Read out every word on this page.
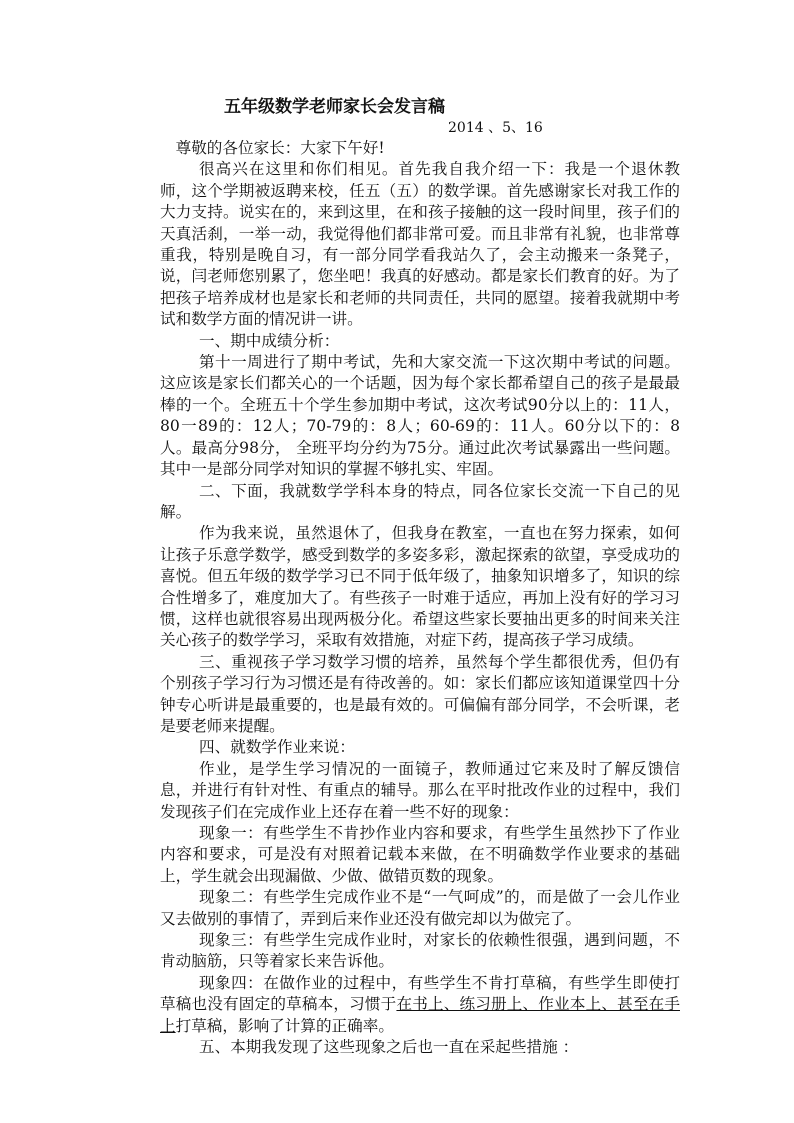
五年级数学老师家长会发言稿
2014 、5、16

尊敬的各位家长：大家下午好!

很高兴在这里和你们相见。首先我自我介绍一下：我是一个退休教师，这个学期被返聘来校，任五（五）的数学课。首先感谢家长对我工作的大力支持。说实在的，来到这里，在和孩子接触的这一段时间里，孩子们的天真活刹，一举一动，我觉得他们都非常可爱。而且非常有礼貌，也非常尊重我，特别是晚自习，有一部分同学看我站久了，会主动搬来一条凳子，说，闫老师您别累了，您坐吧！我真的好感动。都是家长们教育的好。为了把孩子培养成材也是家长和老师的共同责任，共同的愿望。接着我就期中考试和数学方面的情况讲一讲。

一、期中成绩分析：

第十一周进行了期中考试，先和大家交流一下这次期中考试的问题。这应该是家长们都关心的一个话题，因为每个家长都希望自己的孩子是最最棒的一个。全班五十个学生参加期中考试，这次考试90分以上的：11人，80一89的：12人；70-79的：8人；60-69的：11人。60分以下的：8人。最高分98分， 全班平均分约为75分。通过此次考试暴露出一些问题。其中一是部分同学对知识的掌握不够扎实、牢固。

二、下面，我就数学学科本身的特点，同各位家长交流一下自己的见解。

作为我来说，虽然退休了，但我身在教室，一直也在努力探索，如何让孩子乐意学数学，感受到数学的多姿多彩，激起探索的欲望，享受成功的喜悦。但五年级的数学学习已不同于低年级了，抽象知识增多了，知识的综合性增多了，难度加大了。有些孩子一时难于适应，再加上没有好的学习习惯，这样也就很容易出现两极分化。希望这些家长要抽出更多的时间来关注关心孩子的数学学习，采取有效措施，对症下药，提高孩子学习成绩。

三、重视孩子学习数学习惯的培养，虽然每个学生都很优秀，但仍有个别孩子学习行为习惯还是有待改善的。如：家长们都应该知道课堂四十分钟专心听讲是最重要的，也是最有效的。可偏偏有部分同学，不会听课，老是要老师来提醒。

四、就数学作业来说：

作业，是学生学习情况的一面镜子，教师通过它来及时了解反馈信息，并进行有针对性、有重点的辅导。那么在平时批改作业的过程中，我们发现孩子们在完成作业上还存在着一些不好的现象：

现象一：有些学生不肯抄作业内容和要求，有些学生虽然抄下了作业内容和要求，可是没有对照着记载本来做，在不明确数学作业要求的基础上，学生就会出现漏做、少做、做错页数的现象。

现象二：有些学生完成作业不是“一气呵成”的，而是做了一会儿作业又去做别的事情了，弄到后来作业还没有做完却以为做完了。

现象三：有些学生完成作业时，对家长的依赖性很强，遇到问题，不肯动脑筋，只等着家长来告诉他。

现象四：在做作业的过程中，有些学生不肯打草稿，有些学生即使打草稿也没有固定的草稿本，习惯于在书上、练习册上、作业本上、甚至在手上打草稿，影响了计算的正确率。

五、本期我发现了这些现象之后也一直在采起些措施 ：
